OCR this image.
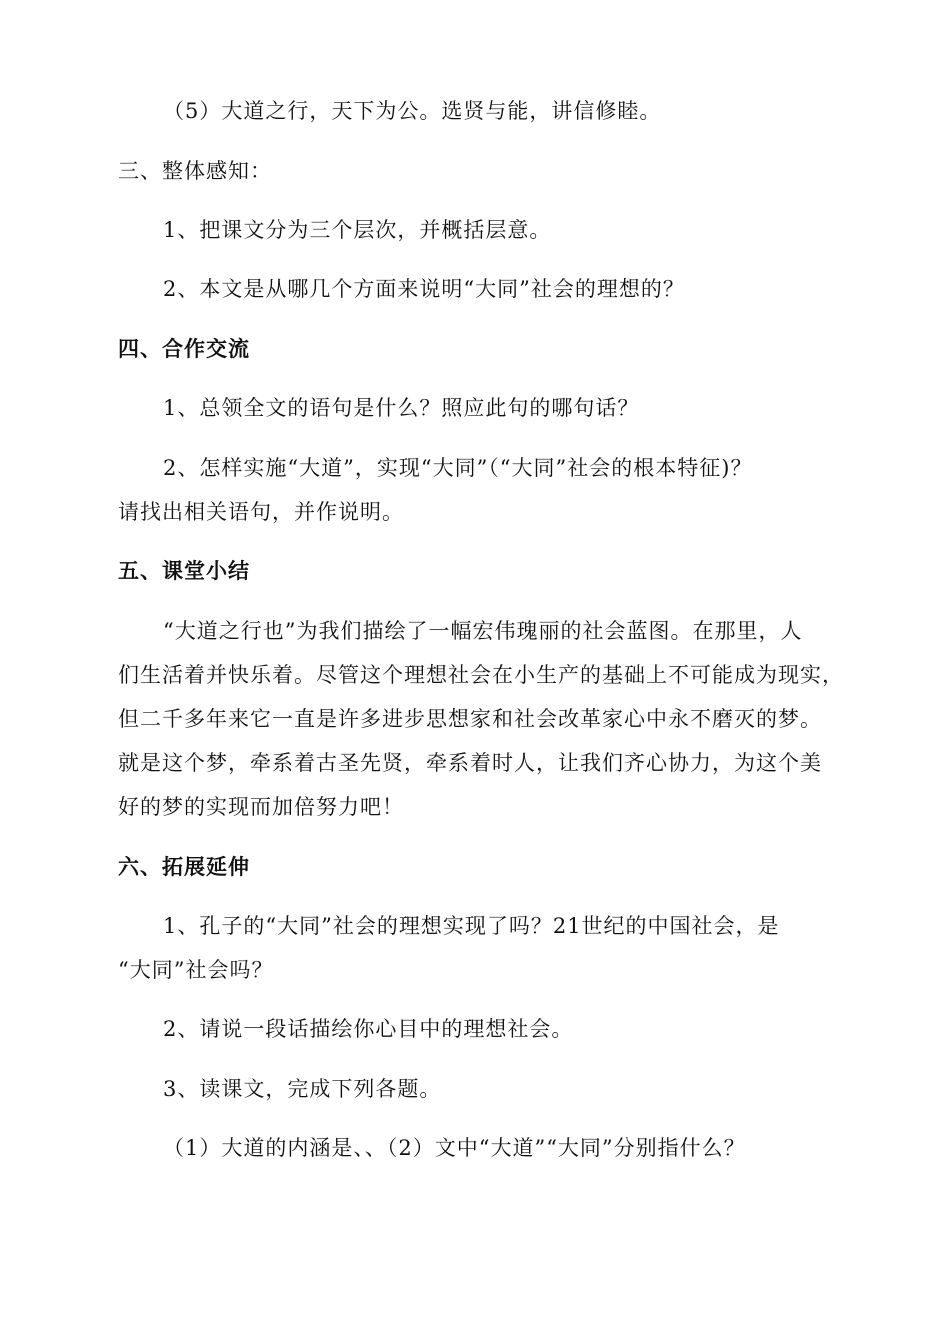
（5）大道之行，天下为公。选贤与能，讲信修睦。
三、整体感知：
1、把课文分为三个层次，并概括层意。
2、本文是从哪几个方面来说明“大同”社会的理想的？
四、合作交流
1、总领全文的语句是什么？照应此句的哪句话？
2、怎样实施“大道”，实现“大同”（“大同”社会的根本特征)？
请找出相关语句，并作说明。
五、课堂小结
“大道之行也”为我们描绘了一幅宏伟瑰丽的社会蓝图。在那里，人
们生活着并快乐着。尽管这个理想社会在小生产的基础上不可能成为现实，
但二千多年来它一直是许多进步思想家和社会改革家心中永不磨灭的梦。
就是这个梦，牵系着古圣先贤，牵系着时人，让我们齐心协力，为这个美
好的梦的实现而加倍努力吧！
六、拓展延伸
1、孔子的“大同”社会的理想实现了吗？21世纪的中国社会，是
“大同”社会吗？
2、请说一段话描绘你心目中的理想社会。
3、读课文，完成下列各题。
（1）大道的内涵是、、（2）文中“大道”“大同”分别指什么？
